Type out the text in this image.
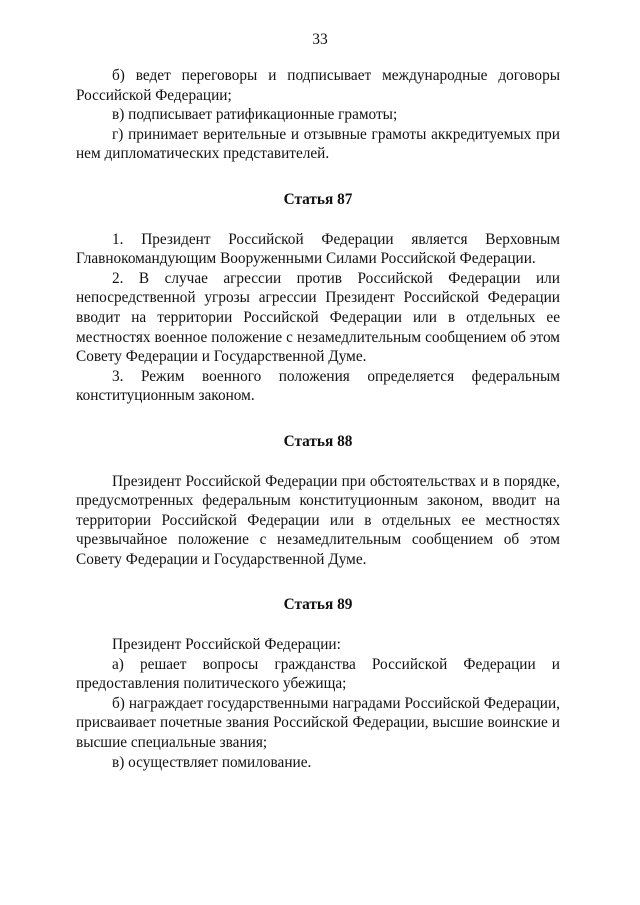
33

б) ведет переговоры и подписывает международные договоры Российской Федерации;

в) подписывает ратификационные грамоты;

г) принимает верительные и отзывные грамоты аккредитуемых при нем дипломатических представителей.

Статья 87

1. Президент Российской Федерации является Верховным Главнокомандующим Вооруженными Силами Российской Федерации.

2. В случае агрессии против Российской Федерации или непосредственной угрозы агрессии Президент Российской Федерации вводит на территории Российской Федерации или в отдельных ее местностях военное положение с незамедлительным сообщением об этом Совету Федерации и Государственной Думе.

3. Режим военного положения определяется федеральным конституционным законом.

Статья 88

Президент Российской Федерации при обстоятельствах и в порядке, предусмотренных федеральным конституционным законом, вводит на территории Российской Федерации или в отдельных ее местностях чрезвычайное положение с незамедлительным сообщением об этом Совету Федерации и Государственной Думе.

Статья 89

Президент Российской Федерации:

а) решает вопросы гражданства Российской Федерации и предоставления политического убежища;

б) награждает государственными наградами Российской Федерации, присваивает почетные звания Российской Федерации, высшие воинские и высшие специальные звания;

в) осуществляет помилование.
